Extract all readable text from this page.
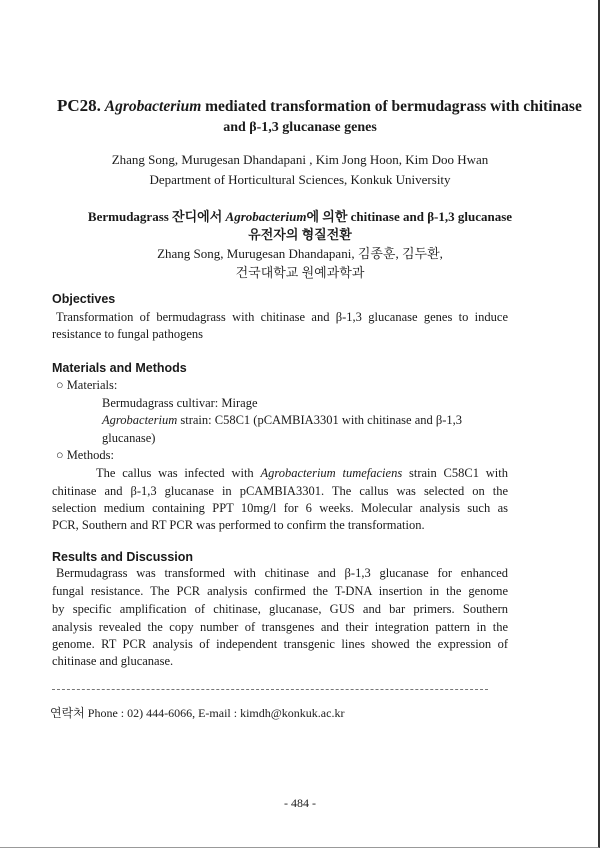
PC28. Agrobacterium mediated transformation of bermudagrass with chitinase
and β-1,3 glucanase genes
Zhang Song, Murugesan Dhandapani , Kim Jong Hoon, Kim Doo Hwan
Department of Horticultural Sciences, Konkuk University
Bermudagrass 잔디에서 Agrobacterium에 의한 chitinase and β-1,3 glucanase
유전자의 형질전환
Zhang Song, Murugesan Dhandapani, 김종훈, 김두환,
건국대학교 원예과학과
Objectives
Transformation of bermudagrass with chitinase and β-1,3 glucanase genes to induce
resistance to fungal pathogens
Materials and Methods
○ Materials:
Bermudagrass cultivar: Mirage
Agrobacterium strain: C58C1 (pCAMBIA3301 with chitinase and β-1,3
glucanase)
○ Methods:
The callus was infected with Agrobacterium tumefaciens strain C58C1 with
chitinase and β-1,3 glucanase in pCAMBIA3301. The callus was selected on the
selection medium containing PPT 10mg/l for 6 weeks. Molecular analysis such as
PCR, Southern and RT PCR was performed to confirm the transformation.
Results and Discussion
Bermudagrass was transformed with chitinase and β-1,3 glucanase for enhanced
fungal resistance. The PCR analysis confirmed the T-DNA insertion in the genome
by specific amplification of chitinase, glucanase, GUS and bar primers. Southern
analysis revealed the copy number of transgenes and their integration pattern in the
genome. RT PCR analysis of independent transgenic lines showed the expression of
chitinase and glucanase.
연락처 Phone : 02) 444-6066, E-mail : kimdh@konkuk.ac.kr
- 484 -
